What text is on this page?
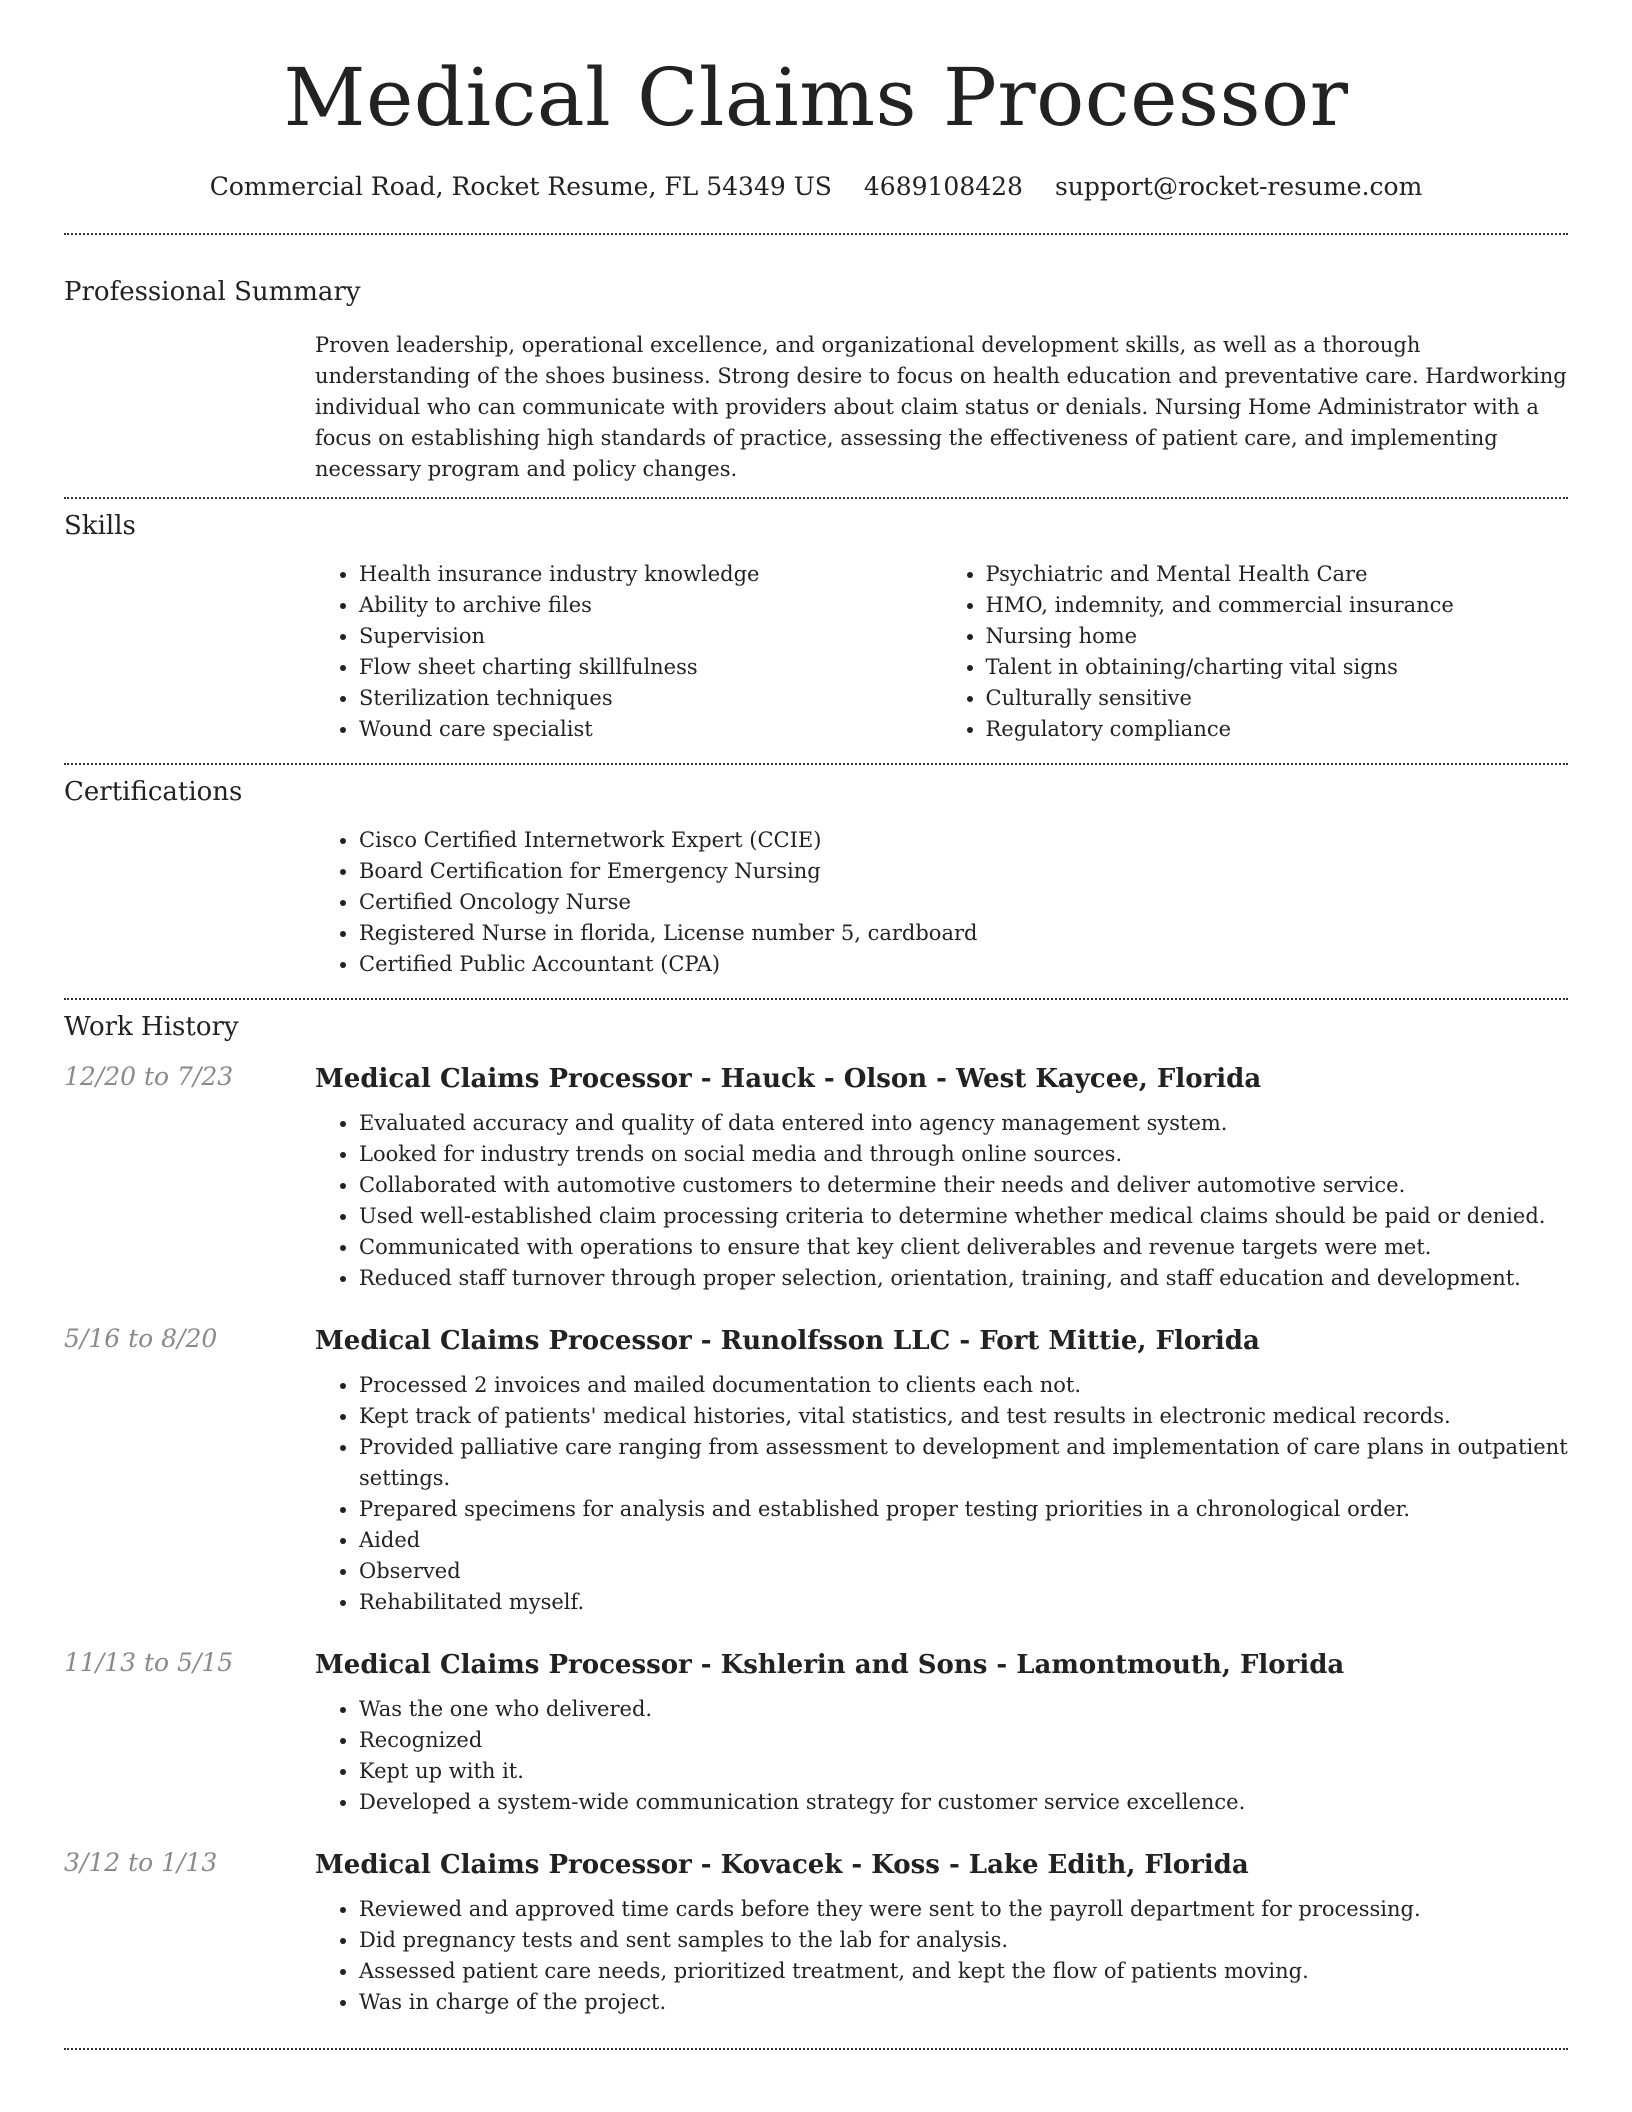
Medical Claims Processor
Commercial Road, Rocket Resume, FL 54349 US 4689108428 support@rocket-resume.com
Professional Summary

Proven leadership, operational excellence, and organizational development skills, as well as a thorough understanding of the shoes business. Strong desire to focus on health education and preventative care. Hardworking individual who can communicate with providers about claim status or denials. Nursing Home Administrator with a focus on establishing high standards of practice, assessing the effectiveness of patient care, and implementing necessary program and policy changes.

Skills
• Health insurance industry knowledge
• Ability to archive files
• Supervision
• Flow sheet charting skillfulness
• Sterilization techniques
• Wound care specialist
• Psychiatric and Mental Health Care
• HMO, indemnity, and commercial insurance
• Nursing home
• Talent in obtaining/charting vital signs
• Culturally sensitive
• Regulatory compliance
Certifications
• Cisco Certified Internetwork Expert (CCIE)
• Board Certification for Emergency Nursing
• Certified Oncology Nurse
• Registered Nurse in florida, License number 5, cardboard
• Certified Public Accountant (CPA)
Work History
12/20 to 7/23	Medical Claims Processor - Hauck - Olson - West Kaycee, Florida
• Evaluated accuracy and quality of data entered into agency management system.
• Looked for industry trends on social media and through online sources.
• Collaborated with automotive customers to determine their needs and deliver automotive service.
• Used well-established claim processing criteria to determine whether medical claims should be paid or denied.
• Communicated with operations to ensure that key client deliverables and revenue targets were met.
• Reduced staff turnover through proper selection, orientation, training, and staff education and development.
5/16 to 8/20	Medical Claims Processor - Runolfsson LLC - Fort Mittie, Florida
• Processed 2 invoices and mailed documentation to clients each not.
• Kept track of patients' medical histories, vital statistics, and test results in electronic medical records.
• Provided palliative care ranging from assessment to development and implementation of care plans in outpatient settings.
• Prepared specimens for analysis and established proper testing priorities in a chronological order.
• Aided
• Observed
• Rehabilitated myself.
11/13 to 5/15	Medical Claims Processor - Kshlerin and Sons - Lamontmouth, Florida
• Was the one who delivered.
• Recognized
• Kept up with it.
• Developed a system-wide communication strategy for customer service excellence.
3/12 to 1/13	Medical Claims Processor - Kovacek - Koss - Lake Edith, Florida
• Reviewed and approved time cards before they were sent to the payroll department for processing.
• Did pregnancy tests and sent samples to the lab for analysis.
• Assessed patient care needs, prioritized treatment, and kept the flow of patients moving.
• Was in charge of the project.
